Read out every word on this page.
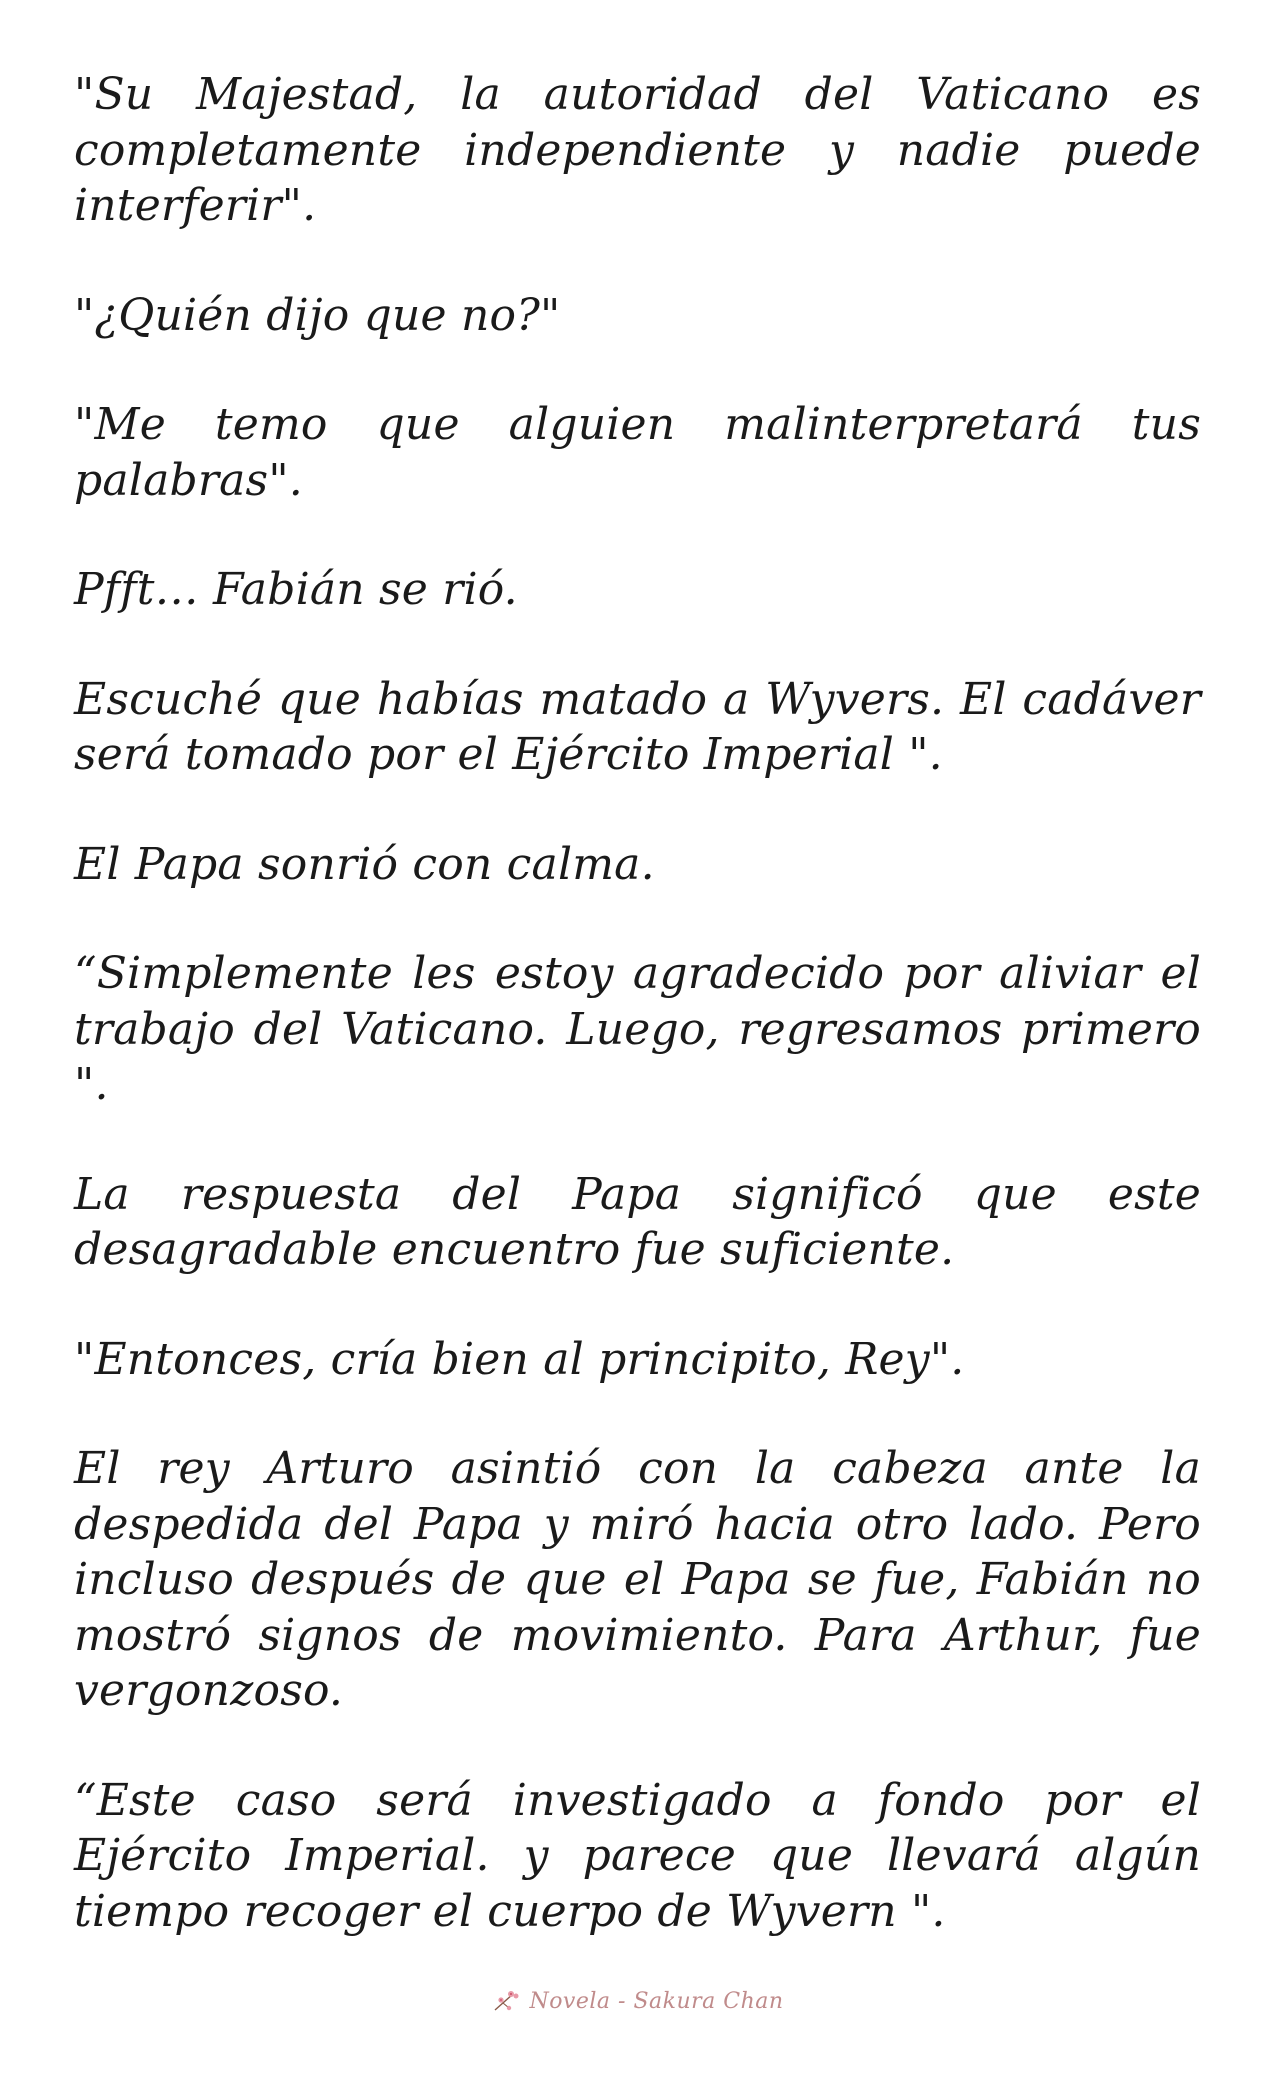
"Su Majestad, la autoridad del Vaticano es completamente independiente y nadie puede interferir".

"¿Quién dijo que no?"

"Me temo que alguien malinterpretará tus palabras".

Pfft… Fabián se rió.

Escuché que habías matado a Wyvers. El cadáver será tomado por el Ejército Imperial ".

El Papa sonrió con calma.

“Simplemente les estoy agradecido por aliviar el trabajo del Vaticano. Luego, regresamos primero ".

La respuesta del Papa significó que este desagradable encuentro fue suficiente.

"Entonces, cría bien al principito, Rey".

El rey Arturo asintió con la cabeza ante la despedida del Papa y miró hacia otro lado. Pero incluso después de que el Papa se fue, Fabián no mostró signos de movimiento. Para Arthur, fue vergonzoso.

“Este caso será investigado a fondo por el Ejército Imperial. y parece que llevará algún tiempo recoger el cuerpo de Wyvern ".

Novela - Sakura Chan
